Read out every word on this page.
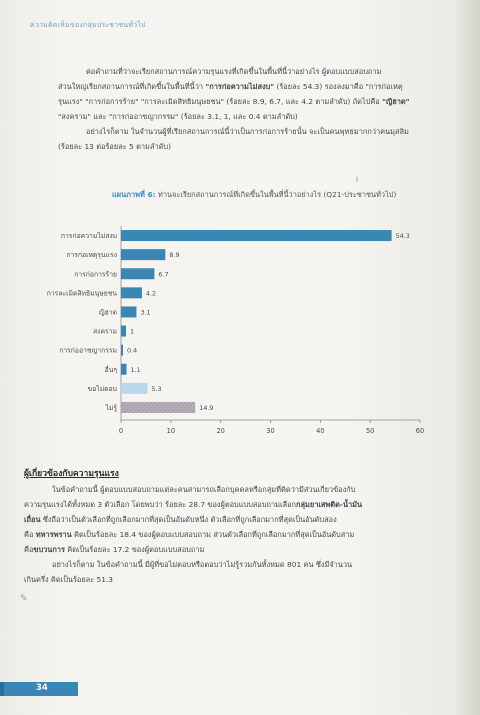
ความคิดเห็นของกลุ่มประชาชนทั่วไป

ต่อคำถามที่ว่าจะเรียกสถานการณ์ความรุนแรงที่เกิดขึ้นในพื้นที่นี้ว่าอย่างไร ผู้ตอบแบบสอบถาม

ส่วนใหญ่เรียกสถานการณ์ที่เกิดขึ้นในพื้นที่นี้ว่า "การก่อความไม่สงบ" (ร้อยละ 54.3) รองลงมาคือ "การก่อเหตุ

รุนแรง" "การก่อการร้าย" "การละเมิดสิทธิมนุษยชน" (ร้อยละ 8.9, 6.7, และ 4.2 ตามลำดับ) ถัดไปคือ "ญิฮาด"

"สงคราม" และ "การก่ออาชญากรรม" (ร้อยละ 3.1, 1, และ 0.4 ตามลำดับ)

อย่างไรก็ตาม ในจำนวนผู้ที่เรียกสถานการณ์นี้ว่าเป็นการก่อการร้ายนั้น จะเป็นคนพุทธมากกว่าคนมุสลิม

(ร้อยละ 13 ต่อร้อยละ 5 ตามลำดับ)

i
แผนภาพที่ 6: ท่านจะเรียกสถานการณ์ที่เกิดขึ้นในพื้นที่นี้ว่าอย่างไร (Q21-ประชาชนทั่วไป)
การก่อความไม่สงบ	54.3
การก่อเหตุรุนแรง	8.9
การก่อการร้าย	6.7
การละเมิดสิทธิมนุษยชน	4.2
ญิฮาด	3.1
สงคราม 1
การก่ออาชญากรรม 0.4
อื่นๆ 1.1
ขอไม่ตอบ	5.3
ไม่รู้	14.9
0	10	20	30	40	50	60
ผู้เกี่ยวข้องกับความรุนแรง

ในข้อคำถามนี้ ผู้ตอบแบบสอบถามแต่ละคนสามารถเลือกบุคคลหรือกลุ่มที่คิดว่ามีส่วนเกี่ยวข้องกับ

ความรุนแรงได้ทั้งหมด 3 ตัวเลือก โดยพบว่า ร้อยละ 28.7 ของผู้ตอบแบบสอบถามเลือกกลุ่มยาเสพติด-น้ำมัน

เถื่อน ซึ่งถือว่าเป็นตัวเลือกที่ถูกเลือกมากที่สุดเป็นอันดับหนึ่ง ตัวเลือกที่ถูกเลือกมากที่สุดเป็นอันดับสอง

คือ ทหารพราน คิดเป็นร้อยละ 18.4 ของผู้ตอบแบบสอบถาม ส่วนตัวเลือกที่ถูกเลือกมากที่สุดเป็นอันดับสาม

คือขบวนการ คิดเป็นร้อยละ 17.2 ของผู้ตอบแบบสอบถาม

อย่างไรก็ตาม ในข้อคำถามนี้ มีผู้ที่ขอไม่ตอบหรือตอบว่าไม่รู้รวมกันทั้งหมด 801 คน ซึ่งมีจำนวน

เกินครึ่ง คิดเป็นร้อยละ 51.3

✎
34
